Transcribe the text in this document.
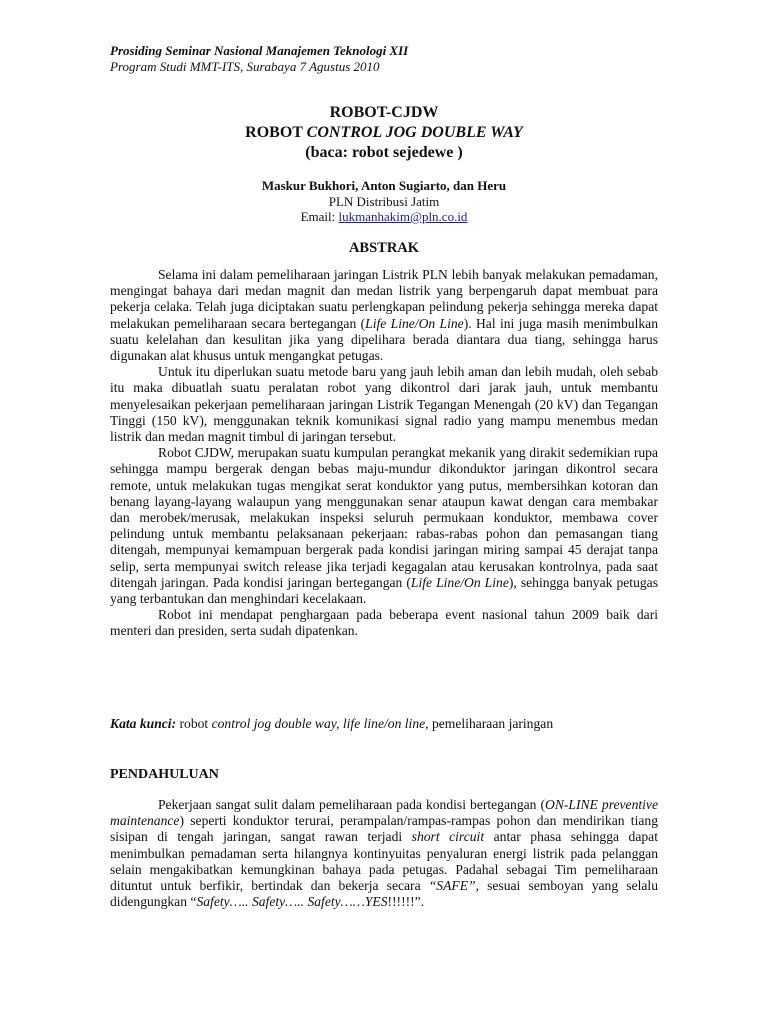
Prosiding Seminar Nasional Manajemen Teknologi XII
Program Studi MMT-ITS, Surabaya 7 Agustus 2010
ROBOT-CJDW
ROBOT CONTROL JOG DOUBLE WAY
(baca: robot sejedewe )
Maskur Bukhori, Anton Sugiarto, dan Heru
PLN Distribusi Jatim
Email: lukmanhakim@pln.co.id
ABSTRAK

Selama ini dalam pemeliharaan jaringan Listrik PLN lebih banyak melakukan pemadaman, mengingat bahaya dari medan magnit dan medan listrik yang berpengaruh dapat membuat para pekerja celaka. Telah juga diciptakan suatu perlengkapan pelindung pekerja sehingga mereka dapat melakukan pemeliharaan secara bertegangan (Life Line/On Line). Hal ini juga masih menimbulkan suatu kelelahan dan kesulitan jika yang dipelihara berada diantara dua tiang, sehingga harus digunakan alat khusus untuk mengangkat petugas.

Untuk itu diperlukan suatu metode baru yang jauh lebih aman dan lebih mudah, oleh sebab itu maka dibuatlah suatu peralatan robot yang dikontrol dari jarak jauh, untuk membantu menyelesaikan pekerjaan pemeliharaan jaringan Listrik Tegangan Menengah (20 kV) dan Tegangan Tinggi (150 kV), menggunakan teknik komunikasi signal radio yang mampu menembus medan listrik dan medan magnit timbul di jaringan tersebut.

Robot CJDW, merupakan suatu kumpulan perangkat mekanik yang dirakit sedemikian rupa sehingga mampu bergerak dengan bebas maju-mundur dikonduktor jaringan dikontrol secara remote, untuk melakukan tugas mengikat serat konduktor yang putus, membersihkan kotoran dan benang layang-layang walaupun yang menggunakan senar ataupun kawat dengan cara membakar dan merobek/merusak, melakukan inspeksi seluruh permukaan konduktor, membawa cover pelindung untuk membantu pelaksanaan pekerjaan: rabas-rabas pohon dan pemasangan tiang ditengah, mempunyai kemampuan bergerak pada kondisi jaringan miring sampai 45 derajat tanpa selip, serta mempunyai switch release jika terjadi kegagalan atau kerusakan kontrolnya, pada saat ditengah jaringan. Pada kondisi jaringan bertegangan (Life Line/On Line), sehingga banyak petugas yang terbantukan dan menghindari kecelakaan.

Robot ini mendapat penghargaan pada beberapa event nasional tahun 2009 baik dari menteri dan presiden, serta sudah dipatenkan.

Kata kunci: robot control jog double way, life line/on line, pemeliharaan jaringan
PENDAHULUAN

Pekerjaan sangat sulit dalam pemeliharaan pada kondisi bertegangan (ON-LINE preventive maintenance) seperti konduktor terurai, perampalan/rampas-rampas pohon dan mendirikan tiang sisipan di tengah jaringan, sangat rawan terjadi short circuit antar phasa sehingga dapat menimbulkan pemadaman serta hilangnya kontinyuitas penyaluran energi listrik pada pelanggan selain mengakibatkan kemungkinan bahaya pada petugas. Padahal sebagai Tim pemeliharaan dituntut untuk berfikir, bertindak dan bekerja secara “SAFE”, sesuai semboyan yang selalu didengungkan “Safety….. Safety….. Safety……YES!!!!!!”.
